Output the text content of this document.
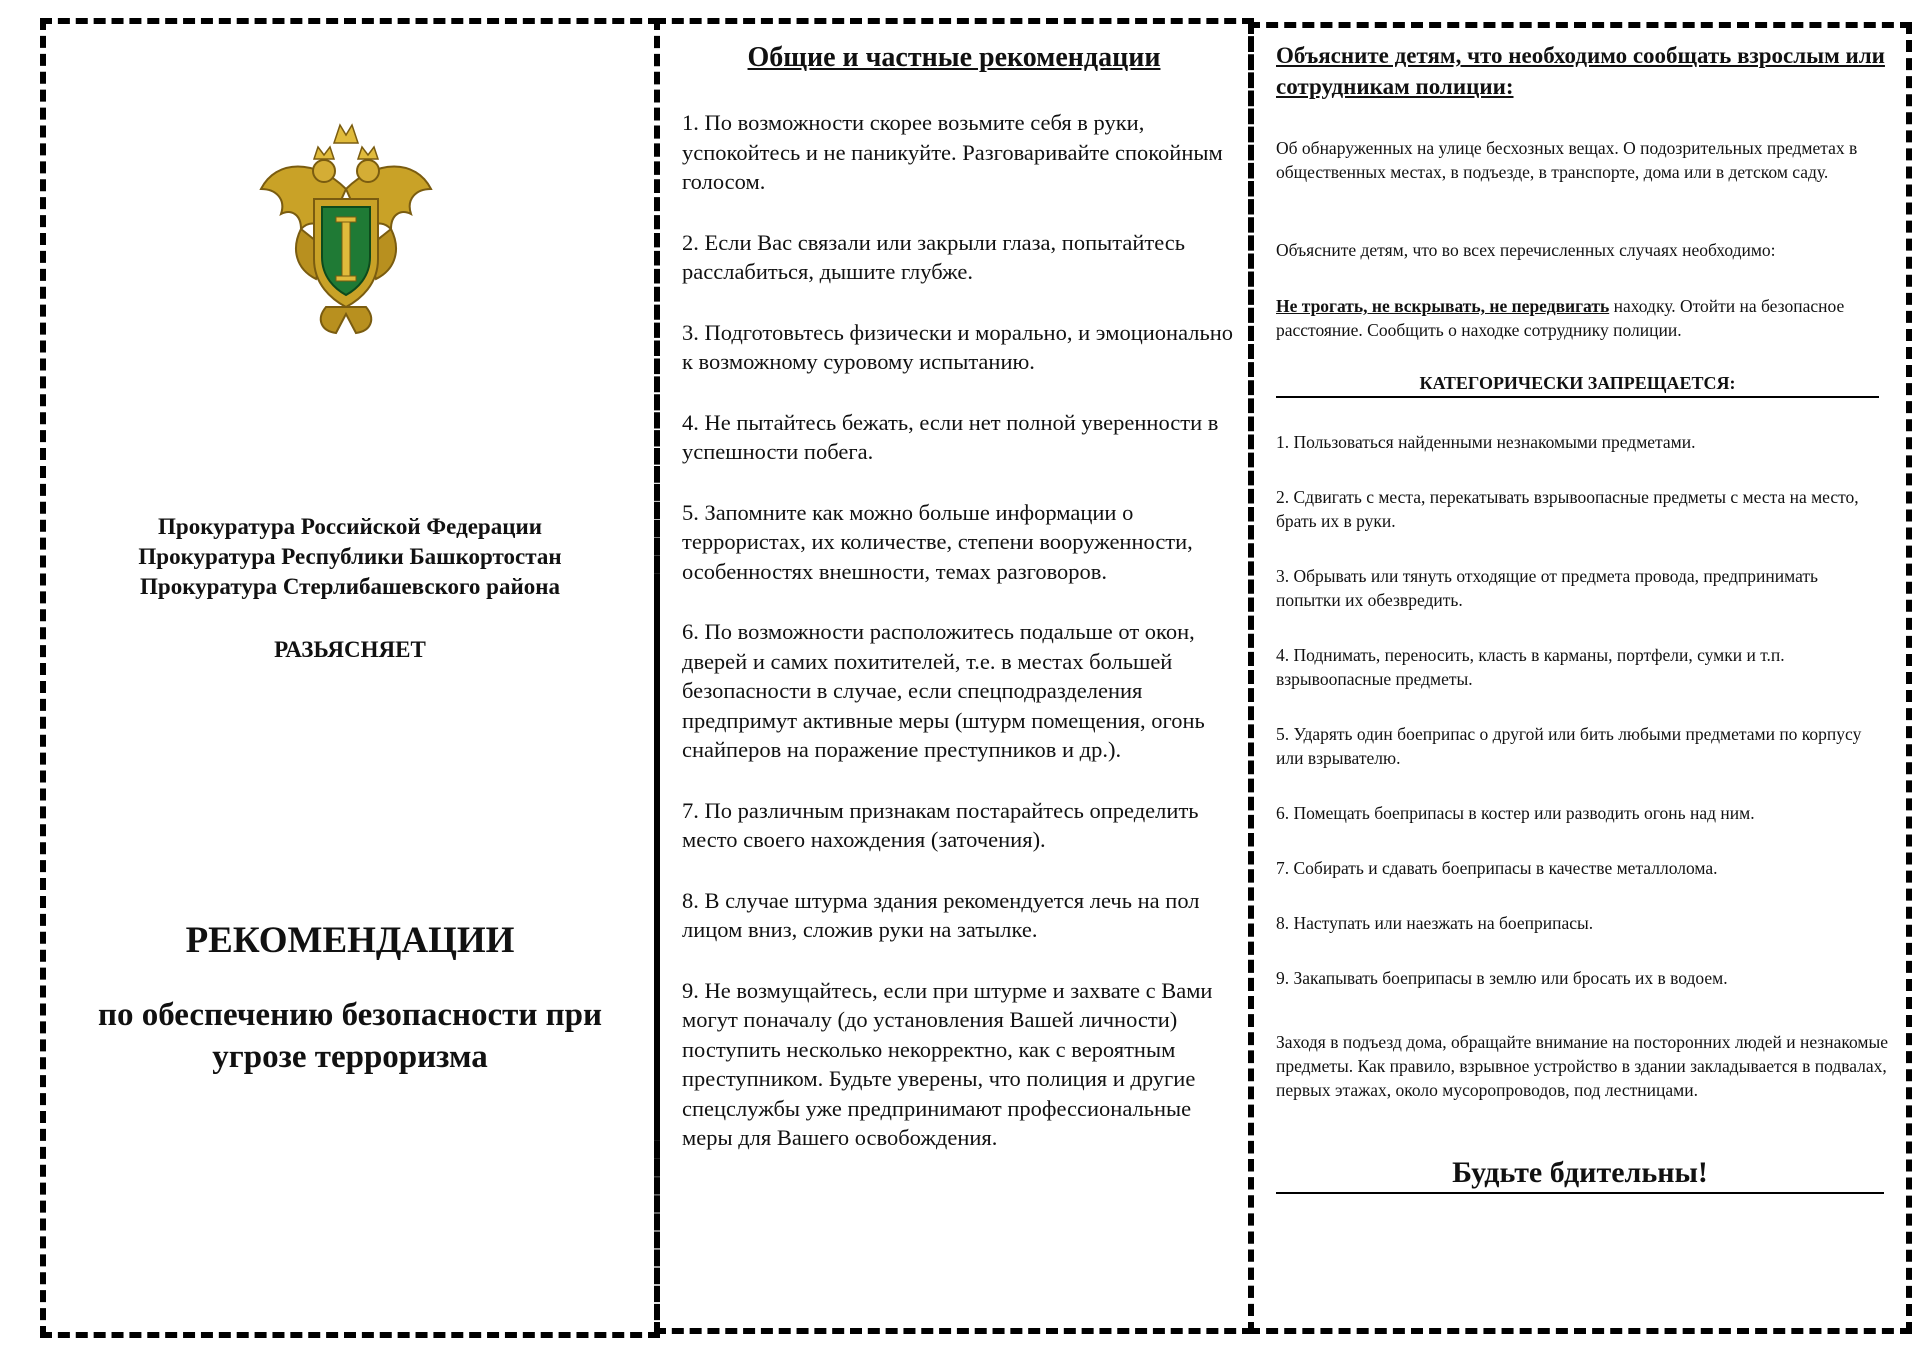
Прокуратура Российской Федерации
Прокуратура Республики Башкортостан
Прокуратура Стерлибашевского района
РАЗЬЯСНЯЕТ
РЕКОМЕНДАЦИИ
по обеспечению безопасности при
угрозе терроризма
Общие и частные рекомендации
1. По возможности скорее возьмите себя в руки, успокойтесь и не паникуйте. Разговаривайте спокойным голосом.
2. Если Вас связали или закрыли глаза, попытайтесь расслабиться, дышите глубже.
3. Подготовьтесь физически и морально, и эмоционально к возможному суровому испытанию.
4. Не пытайтесь бежать, если нет полной уверенности в успешности побега.
5. Запомните как можно больше информации о террористах, их количестве, степени вооруженности, особенностях внешности, темах разговоров.
6. По возможности расположитесь подальше от окон, дверей и самих похитителей, т.е. в местах большей безопасности в случае, если спецподразделения предпримут активные меры (штурм помещения, огонь снайперов на поражение преступников и др.).
7. По различным признакам постарайтесь определить место своего нахождения (заточения).
8. В случае штурма здания рекомендуется лечь на пол лицом вниз, сложив руки на затылке.
9. Не возмущайтесь, если при штурме и захвате с Вами могут поначалу (до установления Вашей личности) поступить несколько некорректно, как с вероятным преступником. Будьте уверены, что полиция и другие спецслужбы уже предпринимают профессиональные меры для Вашего освобождения.
Объясните детям, что необходимо сообщать взрослым или сотрудникам полиции:
Об обнаруженных на улице бесхозных вещах. О подозрительных предметах в общественных местах, в подъезде, в транспорте, дома или в детском саду.
Объясните детям, что во всех перечисленных случаях необходимо:
Не трогать, не вскрывать, не передвигать находку. Отойти на безопасное расстояние. Сообщить о находке сотруднику полиции.
КАТЕГОРИЧЕСКИ ЗАПРЕЩАЕТСЯ:
1. Пользоваться найденными незнакомыми предметами.
2. Сдвигать с места, перекатывать взрывоопасные предметы с места на место, брать их в руки.
3. Обрывать или тянуть отходящие от предмета провода, предпринимать попытки их обезвредить.
4. Поднимать, переносить, класть в карманы, портфели, сумки и т.п. взрывоопасные предметы.
5. Ударять один боеприпас о другой или бить любыми предметами по корпусу или взрывателю.
6. Помещать боеприпасы в костер или разводить огонь над ним.
7. Собирать и сдавать боеприпасы в качестве металлолома.
8. Наступать или наезжать на боеприпасы.
9. Закапывать боеприпасы в землю или бросать их в водоем.
Заходя в подъезд дома, обращайте внимание на посторонних людей и незнакомые предметы. Как правило, взрывное устройство в здании закладывается в подвалах, первых этажах, около мусоропроводов, под лестницами.
Будьте бдительны!
